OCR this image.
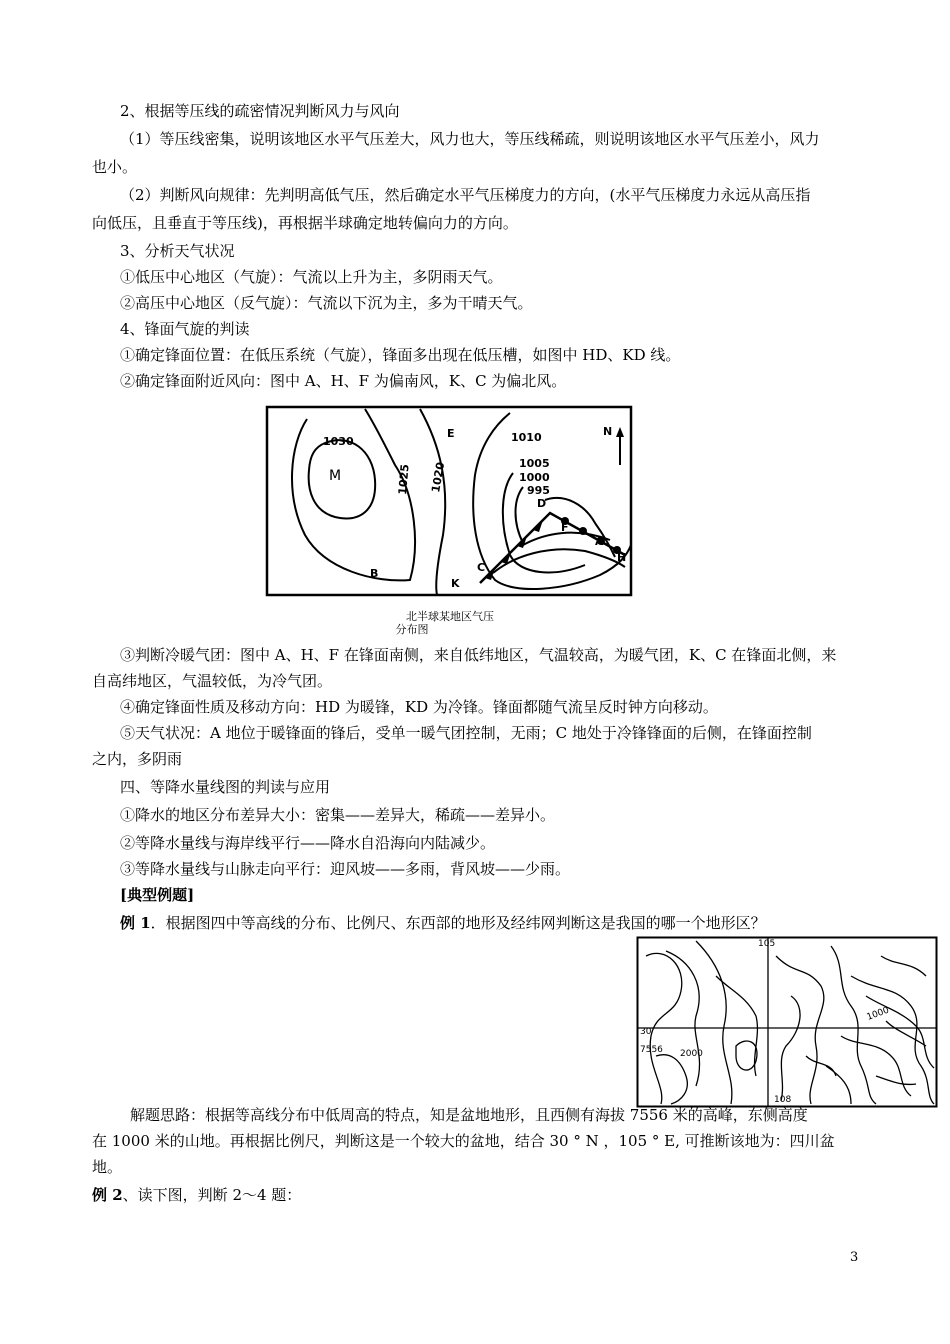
2、根据等压线的疏密情况判断风力与风向
（1）等压线密集，说明该地区水平气压差大，风力也大，等压线稀疏，则说明该地区水平气压差小，风力
也小。
（2）判断风向规律：先判明高低气压，然后确定水平气压梯度力的方向，(水平气压梯度力永远从高压指
向低压，且垂直于等压线)，再根据半球确定地转偏向力的方向。
3、分析天气状况
①低压中心地区（气旋）：气流以上升为主，多阴雨天气。
②高压中心地区（反气旋）：气流以下沉为主，多为干晴天气。
4、锋面气旋的判读
①确定锋面位置：在低压系统（气旋），锋面多出现在低压槽，如图中 HD、KD 线。
②确定锋面附近风向：图中 A、H、F 为偏南风，K、C 为偏北风。
1030
M	1025 1020
E	1010	N
1005
1000
995
D
F
A
H
B
K
C
北半球某地区气压
分布图
③判断冷暖气团：图中 A、H、F 在锋面南侧，来自低纬地区，气温较高，为暖气团，K、C 在锋面北侧，来
自高纬地区，气温较低，为冷气团。
④确定锋面性质及移动方向：HD 为暖锋，KD 为冷锋。锋面都随气流呈反时钟方向移动。
⑤天气状况：A 地位于暖锋面的锋后，受单一暖气团控制，无雨；C 地处于冷锋锋面的后侧，在锋面控制
之内，多阴雨
四、等降水量线图的判读与应用
①降水的地区分布差异大小：密集——差异大，稀疏——差异小。
②等降水量线与海岸线平行——降水自沿海向内陆减少。
③等降水量线与山脉走向平行：迎风坡——多雨，背风坡——少雨。
[典型例题]
例 1．根据图四中等高线的分布、比例尺、东西部的地形及经纬网判断这是我国的哪一个地形区？
105
30
7556 2000
1000
108
解题思路：根据等高线分布中低周高的特点，知是盆地地形，且西侧有海拔 7556 米的高峰，东侧高度
在 1000 米的山地。再根据比例尺，判断这是一个较大的盆地，结合 30 ° N ，105 ° E, 可推断该地为：四川盆
地。
例 2、读下图，判断 2～4 题：
3
